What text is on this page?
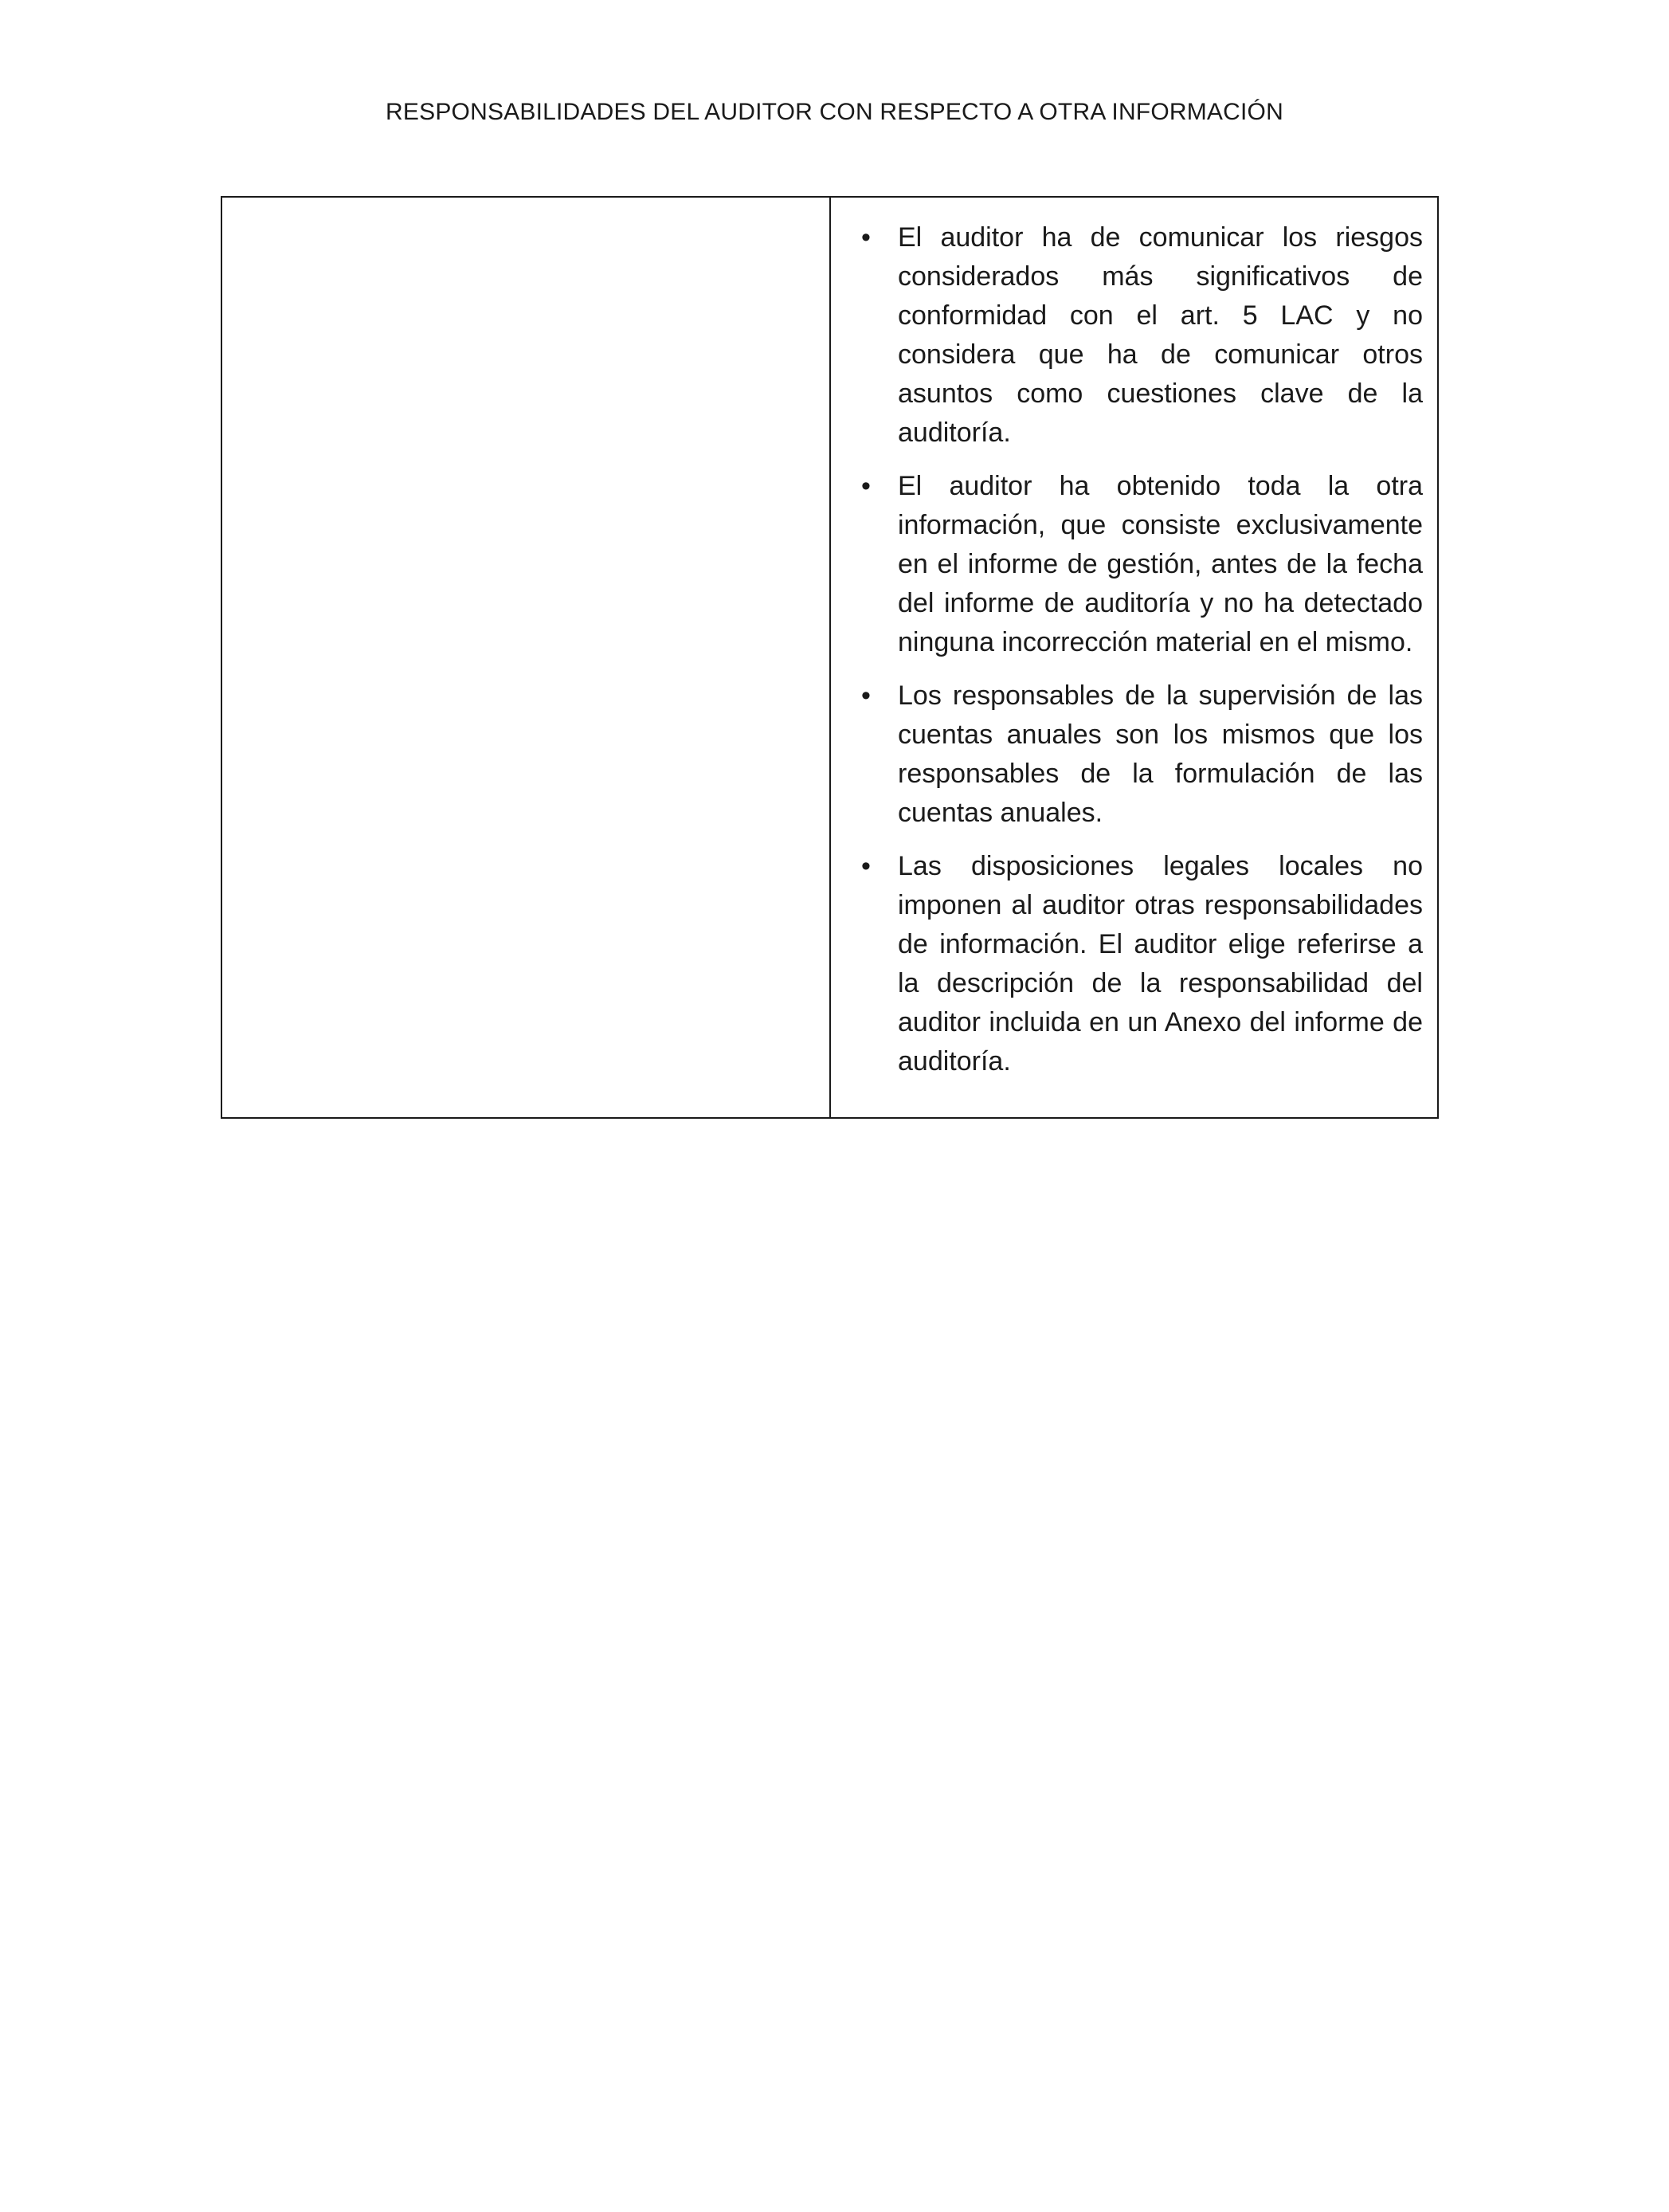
RESPONSABILIDADES DEL AUDITOR CON RESPECTO A OTRA INFORMACIÓN
•	El auditor ha de comunicar los riesgos considerados más significativos de conformidad con el art. 5 LAC y no considera que ha de comunicar otros asuntos como cuestiones clave de la auditoría.
•	El auditor ha obtenido toda la otra información, que consiste exclusivamente en el informe de gestión, antes de la fecha del informe de auditoría y no ha detectado ninguna incorrección material en el mismo.
•	Los responsables de la supervisión de las cuentas anuales son los mismos que los responsables de la formulación de las cuentas anuales.
•	Las disposiciones legales locales no imponen al auditor otras responsabilidades de información. El auditor elige referirse a la descripción de la responsabilidad del auditor incluida en un Anexo del informe de auditoría.
